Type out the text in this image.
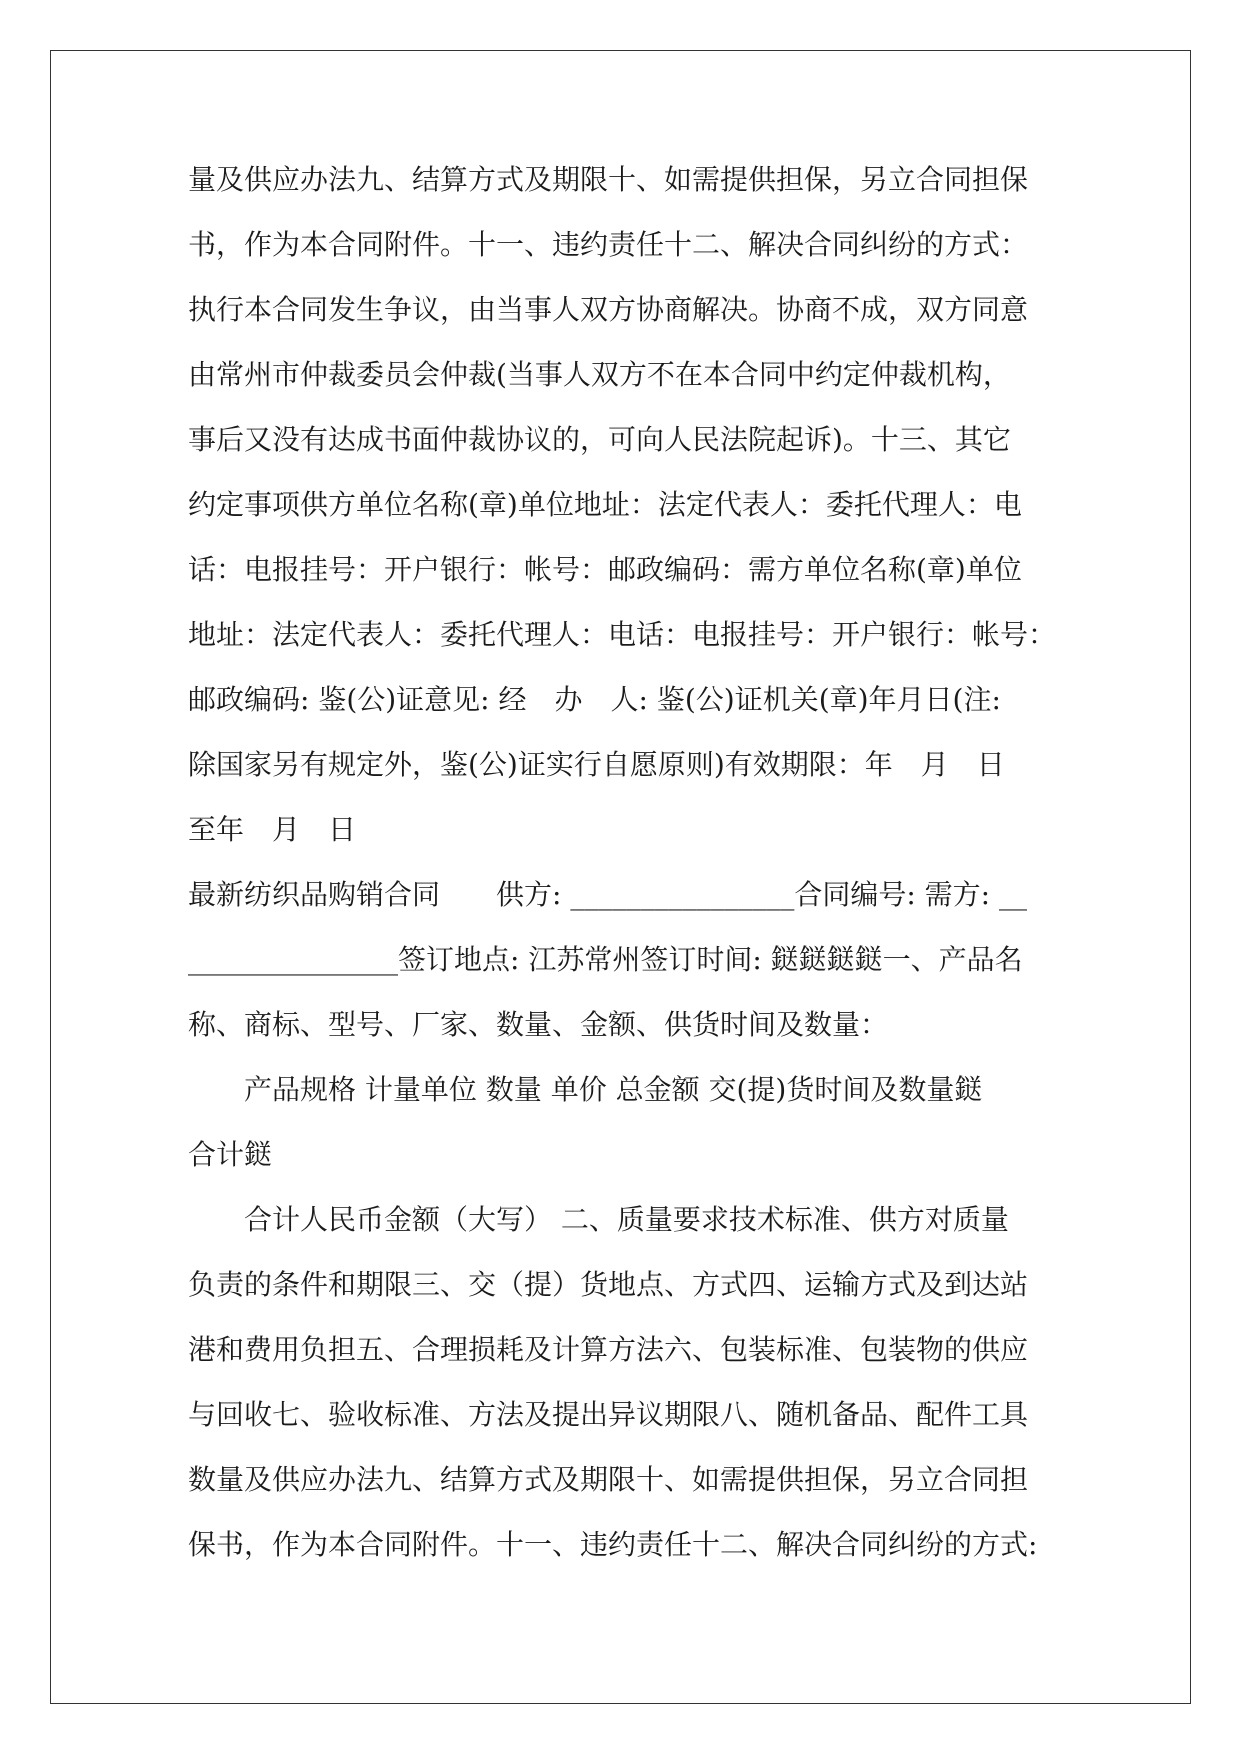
量及供应办法九、结算方式及期限十、如需提供担保，另立合同担保
书，作为本合同附件。十一、违约责任十二、解决合同纠纷的方式：
执行本合同发生争议，由当事人双方协商解决。协商不成，双方同意
由常州市仲裁委员会仲裁(当事人双方不在本合同中约定仲裁机构，
事后又没有达成书面仲裁协议的，可向人民法院起诉)。十三、其它
约定事项供方单位名称(章)单位地址：法定代表人：委托代理人：电
话：电报挂号：开户银行：帐号：邮政编码：需方单位名称(章)单位
地址：法定代表人：委托代理人：电话：电报挂号：开户银行：帐号：
邮政编码: 鉴(公)证意见: 经　办　人: 鉴(公)证机关(章)年月日(注:
除国家另有规定外，鉴(公)证实行自愿原则)有效期限：年　月　日
至年　月　日
最新纺织品购销合同　　供方: ________________合同编号: 需方: __
_______________签订地点: 江苏常州签订时间: 鎹鎹鎹鎹一、产品名
称、商标、型号、厂家、数量、金额、供货时间及数量：
产品规格 计量单位 数量 单价 总金额 交(提)货时间及数量鎹
合计鎹
合计人民币金额（大写） 二、质量要求技术标准、供方对质量
负责的条件和期限三、交（提）货地点、方式四、运输方式及到达站
港和费用负担五、合理损耗及计算方法六、包装标准、包装物的供应
与回收七、验收标准、方法及提出异议期限八、随机备品、配件工具
数量及供应办法九、结算方式及期限十、如需提供担保，另立合同担
保书，作为本合同附件。十一、违约责任十二、解决合同纠纷的方式:
